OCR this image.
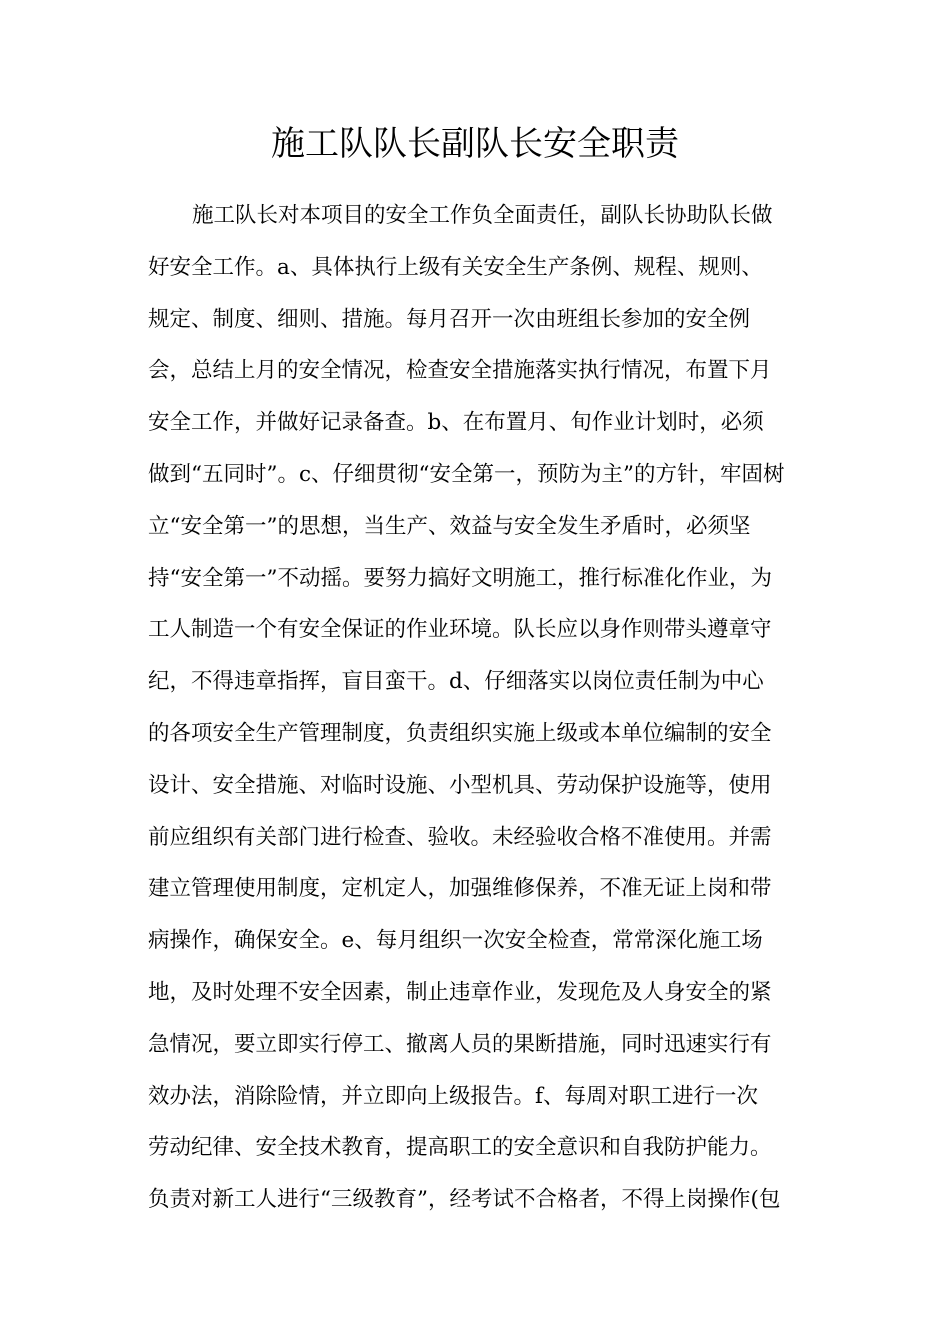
施工队队长副队长安全职责
施工队长对本项目的安全工作负全面责任，副队长协助队长做
好安全工作。a、具体执行上级有关安全生产条例、规程、规则、
规定、制度、细则、措施。每月召开一次由班组长参加的安全例
会，总结上月的安全情况，检查安全措施落实执行情况，布置下月
安全工作，并做好记录备查。b、在布置月、旬作业计划时，必须
做到“五同时”。c、仔细贯彻“安全第一，预防为主”的方针，牢固树
立“安全第一”的思想，当生产、效益与安全发生矛盾时，必须坚
持“安全第一”不动摇。要努力搞好文明施工，推行标准化作业，为
工人制造一个有安全保证的作业环境。队长应以身作则带头遵章守
纪，不得违章指挥，盲目蛮干。d、仔细落实以岗位责任制为中心
的各项安全生产管理制度，负责组织实施上级或本单位编制的安全
设计、安全措施、对临时设施、小型机具、劳动保护设施等，使用
前应组织有关部门进行检查、验收。未经验收合格不准使用。并需
建立管理使用制度，定机定人，加强维修保养，不准无证上岗和带
病操作，确保安全。e、每月组织一次安全检查，常常深化施工场
地，及时处理不安全因素，制止违章作业，发现危及人身安全的紧
急情况，要立即实行停工、撤离人员的果断措施，同时迅速实行有
效办法，消除险情，并立即向上级报告。f、每周对职工进行一次
劳动纪律、安全技术教育，提高职工的安全意识和自我防护能力。
负责对新工人进行“三级教育”，经考试不合格者，不得上岗操作(包
